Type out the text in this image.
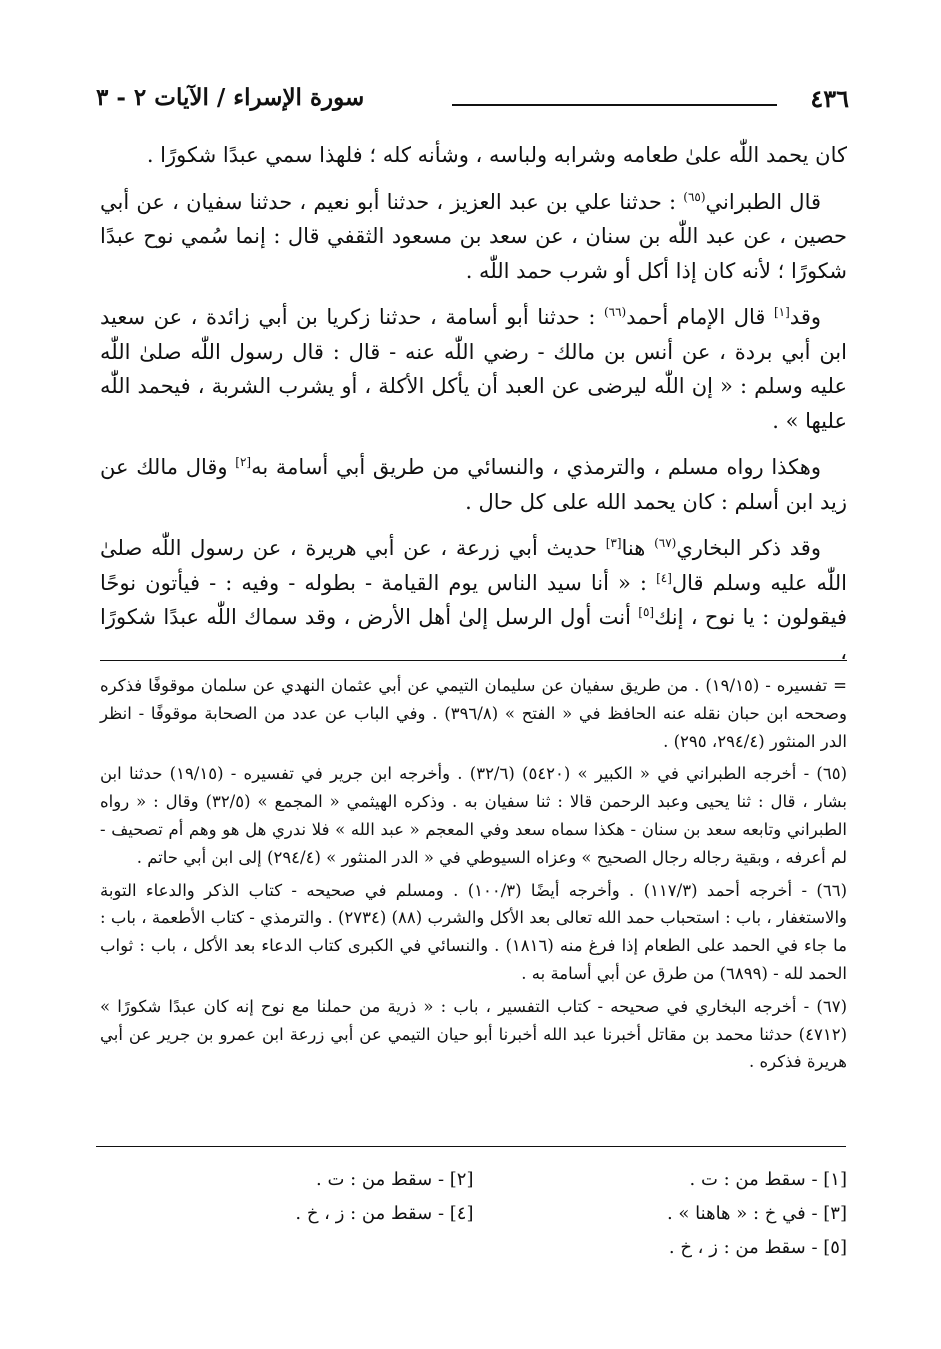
٤٣٦
سورة الإسراء / الآيات ٢ - ٣

كان يحمد اللّٰه علىٰ طعامه وشرابه ولباسه ، وشأنه كله ؛ فلهذا سمي عبدًا شكورًا .

قال الطبراني$^{(٦٥)}$ : حدثنا علي بن عبد العزيز ، حدثنا أبو نعيم ، حدثنا سفيان ، عن أبي حصين ، عن عبد اللّٰه بن سنان ، عن سعد بن مسعود الثقفي قال : إنما سُمي نوح عبدًا شكورًا ؛ لأنه كان إذا أكل أو شرب حمد اللّٰه .

وقد[١] قال الإمام أحمد$^{(٦٦)}$ : حدثنا أبو أسامة ، حدثنا زكريا بن أبي زائدة ، عن سعيد ابن أبي بردة ، عن أنس بن مالك - رضي اللّٰه عنه - قال : قال رسول اللّٰه صلىٰ اللّٰه عليه وسلم : « إن اللّٰه ليرضى عن العبد أن يأكل الأكلة ، أو يشرب الشربة ، فيحمد اللّٰه عليها » .

وهكذا رواه مسلم ، والترمذي ، والنسائي من طريق أبي أسامة به[٢] وقال مالك عن زيد ابن أسلم : كان يحمد الله على كل حال .

وقد ذكر البخاري$^{(٦٧)}$ هنا[٣] حديث أبي زرعة ، عن أبي هريرة ، عن رسول اللّٰه صلىٰ اللّٰه عليه وسلم قال[٤] : « أنا سيد الناس يوم القيامة - بطوله - وفيه : - فيأتون نوحًا فيقولون : يا نوح ، إنك[٥] أنت أول الرسل إلىٰ أهل الأرض ، وقد سماك اللّٰه عبدًا شكورًا ،

= تفسيره - (١٩/١٥) . من طريق سفيان عن سليمان التيمي عن أبي عثمان النهدي عن سلمان موقوفًا فذكره وصححه ابن حبان نقله عنه الحافظ في « الفتح » (٣٩٦/٨) . وفي الباب عن عدد من الصحابة موقوفًا - انظر الدر المنثور (٢٩٤/٤، ٢٩٥) .

(٦٥) - أخرجه الطبراني في « الكبير » (٥٤٢٠) (٣٢/٦) . وأخرجه ابن جرير في تفسيره - (١٩/١٥) حدثنا ابن بشار ، قال : ثنا يحيى وعبد الرحمن قالا : ثنا سفيان به . وذكره الهيثمي « المجمع » (٣٢/٥) وقال : « رواه الطبراني وتابعه سعد بن سنان - هكذا سماه سعد وفي المعجم « عبد الله » فلا ندري هل هو وهم أم تصحيف - لم أعرفه ، وبقية رجاله رجال الصحيح » وعزاه السيوطي في « الدر المنثور » (٢٩٤/٤) إلى ابن أبي حاتم .

(٦٦) - أخرجه أحمد (١١٧/٣) . وأخرجه أيضًا (١٠٠/٣) . ومسلم في صحيحه - كتاب الذكر والدعاء التوبة والاستغفار ، باب : استحباب حمد الله تعالى بعد الأكل والشرب (٨٨) (٢٧٣٤) . والترمذي - كتاب الأطعمة ، باب : ما جاء في الحمد على الطعام إذا فرغ منه (١٨١٦) . والنسائي في الكبرى كتاب الدعاء بعد الأكل ، باب : ثواب الحمد لله - (٦٨٩٩) من طرق عن أبي أسامة به .

(٦٧) - أخرجه البخاري في صحيحه - كتاب التفسير ، باب : « ذرية من حملنا مع نوح إنه كان عبدًا شكورًا » (٤٧١٢) حدثنا محمد بن مقاتل أخبرنا عبد الله أخبرنا أبو حيان التيمي عن أبي زرعة ابن عمرو بن جرير عن أبي هريرة فذكره .

[١] - سقط من : ت .
[٢] - سقط من : ت .
[٣] - في خ : « هاهنا » .
[٤] - سقط من : ز ، خ .
[٥] - سقط من : ز ، خ .
